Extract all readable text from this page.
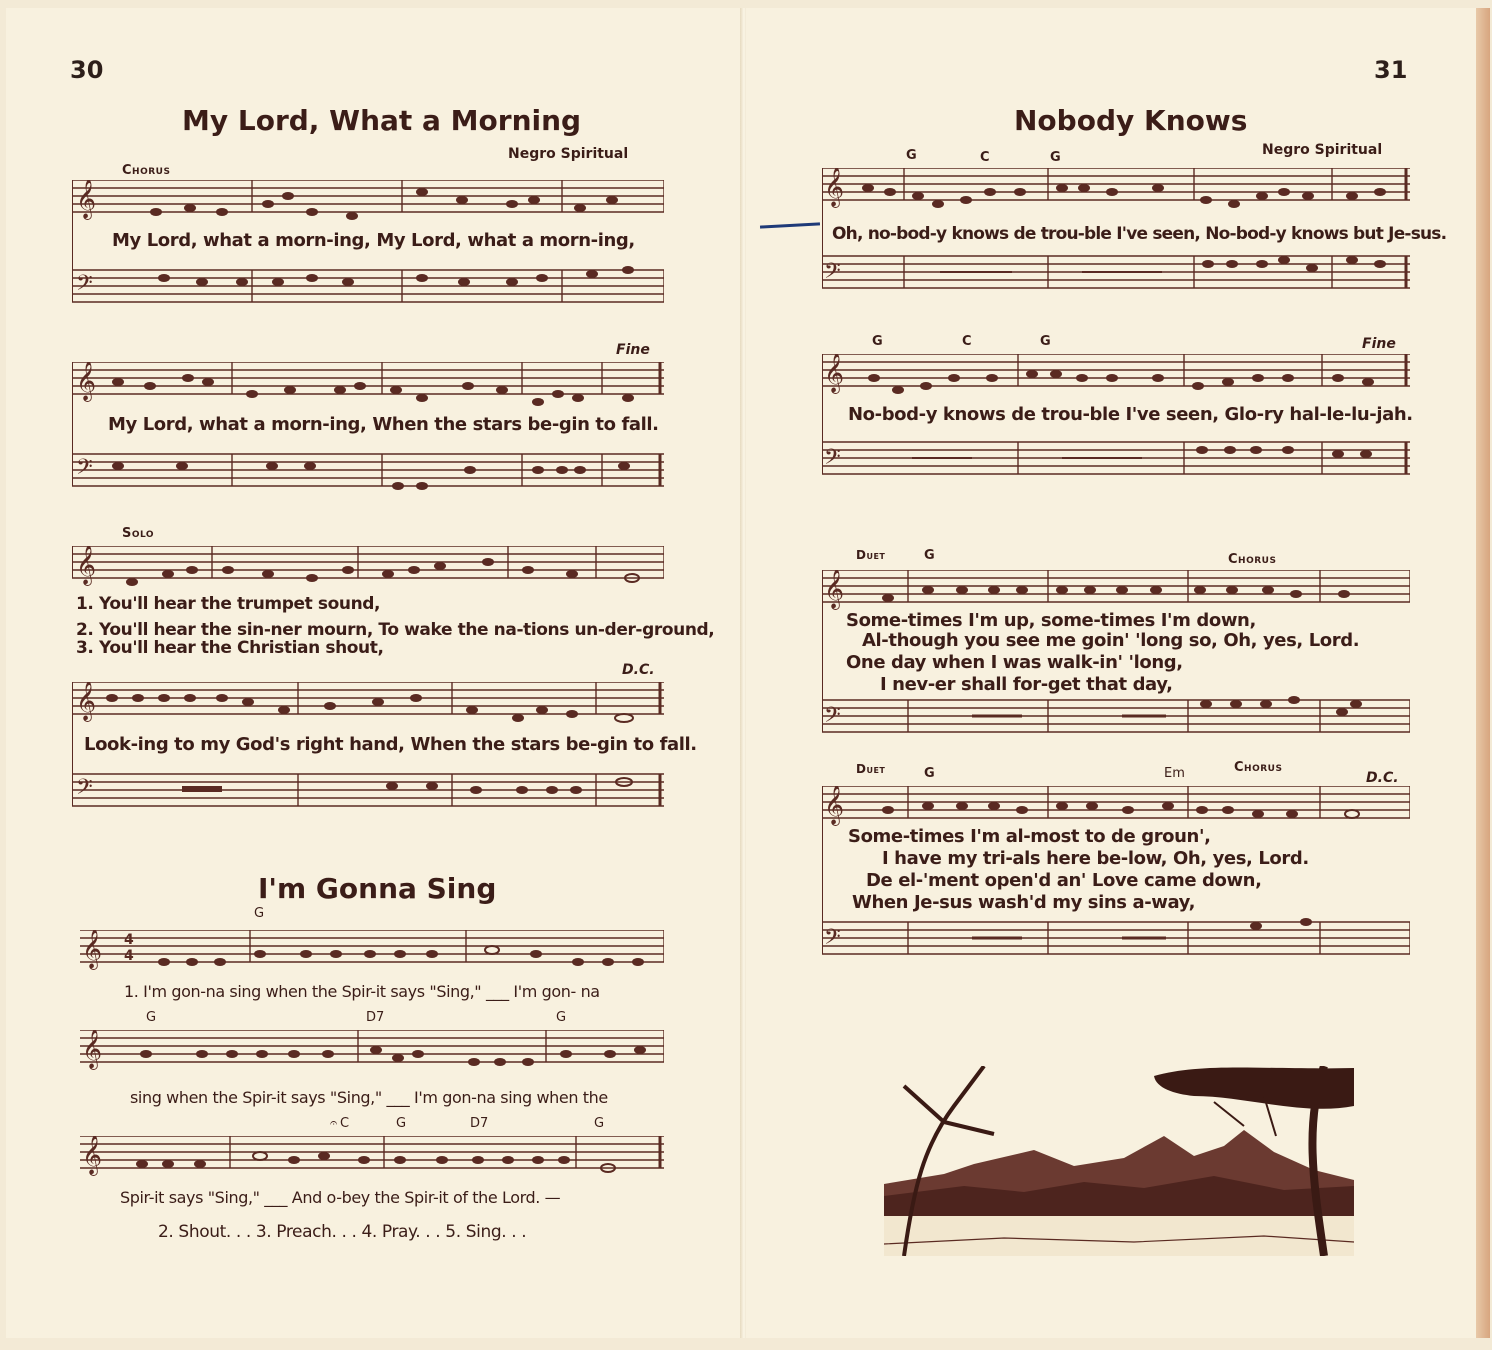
30
My Lord, What a Morning
Negro Spiritual
Chorus
𝄞
𝄢
My Lord, what a morn-ing, My Lord, what a morn-ing,
Fine
𝄞
𝄢
My Lord, what a morn-ing, When the stars be-gin to fall.
Solo
𝄞
1. You'll hear the trumpet sound,
2. You'll hear the sin-ner mourn, To wake the na-tions un-der-ground,
3. You'll hear the Christian shout,
D.C.
𝄞
𝄢
Look-ing to my God's right hand, When the stars be-gin to fall.
I'm Gonna Sing
G
𝄞 4
4
1. I'm gon-na sing when the Spir-it says "Sing," ___ I'm gon- na
G	D7	G
𝄞
sing when the Spir-it says "Sing," ___ I'm gon-na sing when the
𝄐 C	G	D7	G
𝄞
Spir-it says "Sing," ___ And o-bey the Spir-it of the Lord. —
2. Shout. . . 3. Preach. . . 4. Pray. . . 5. Sing. . .
31
Nobody Knows
Negro Spiritual
G	C	G
𝄞
𝄢
Oh, no-bod-y knows de trou-ble I've seen, No-bod-y knows but Je-sus.
G	C	G	Fine
𝄞
𝄢
No-bod-y knows de trou-ble I've seen, Glo-ry hal-le-lu-jah.
Duet	G	Chorus
𝄞
𝄢
Some-times I'm up, some-times I'm down,
Al-though you see me goin' 'long so, Oh, yes, Lord.
One day when I was walk-in' 'long,
I nev-er shall for-get that day,
Duet	G	Em	Chorus
D.C.
𝄞
𝄢
Some-times I'm al-most to de groun',
I have my tri-als here be-low, Oh, yes, Lord.
De el-'ment open'd an' Love came down,
When Je-sus wash'd my sins a-way,
